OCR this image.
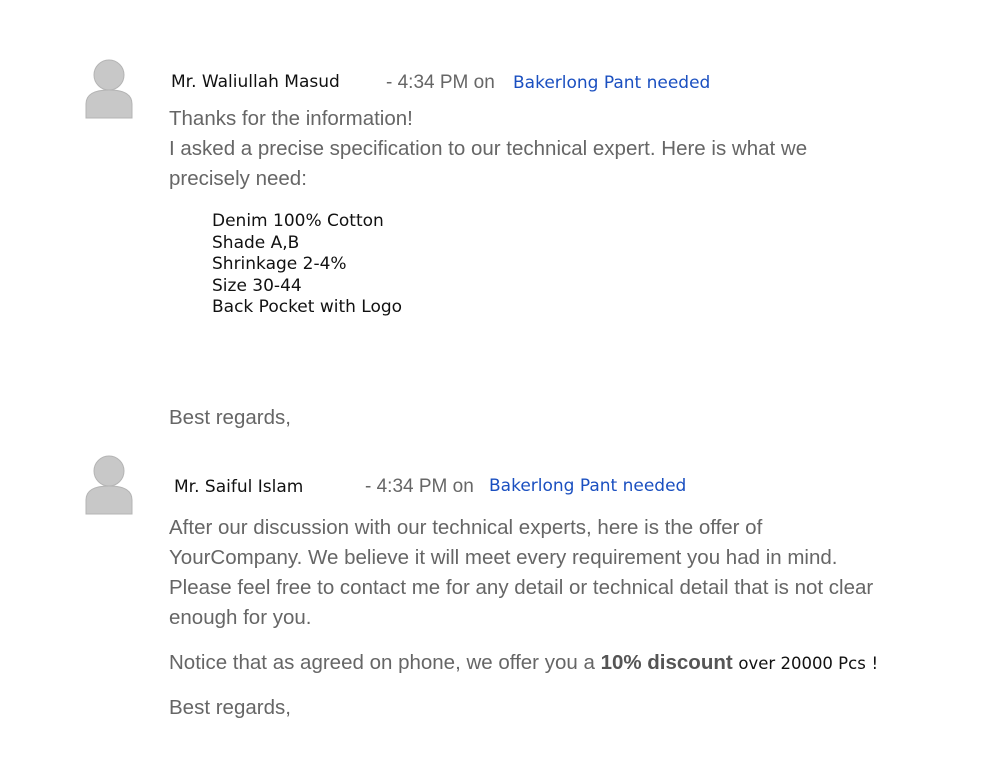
Mr. Waliullah Masud - 4:34 PM on Bakerlong Pant needed

Thanks for the information!

I asked a precise specification to our technical expert. Here is what we

precisely need:

Denim 100% Cotton
Shade A,B
Shrinkage 2-4%
Size 30-44
Back Pocket with Logo

Best regards,

Mr. Saiful Islam	- 4:34 PM on Bakerlong Pant needed

After our discussion with our technical experts, here is the offer of

YourCompany. We believe it will meet every requirement you had in mind.

Please feel free to contact me for any detail or technical detail that is not clear

enough for you.

Notice that as agreed on phone, we offer you a 10% discount over 20000 Pcs !

Best regards,
